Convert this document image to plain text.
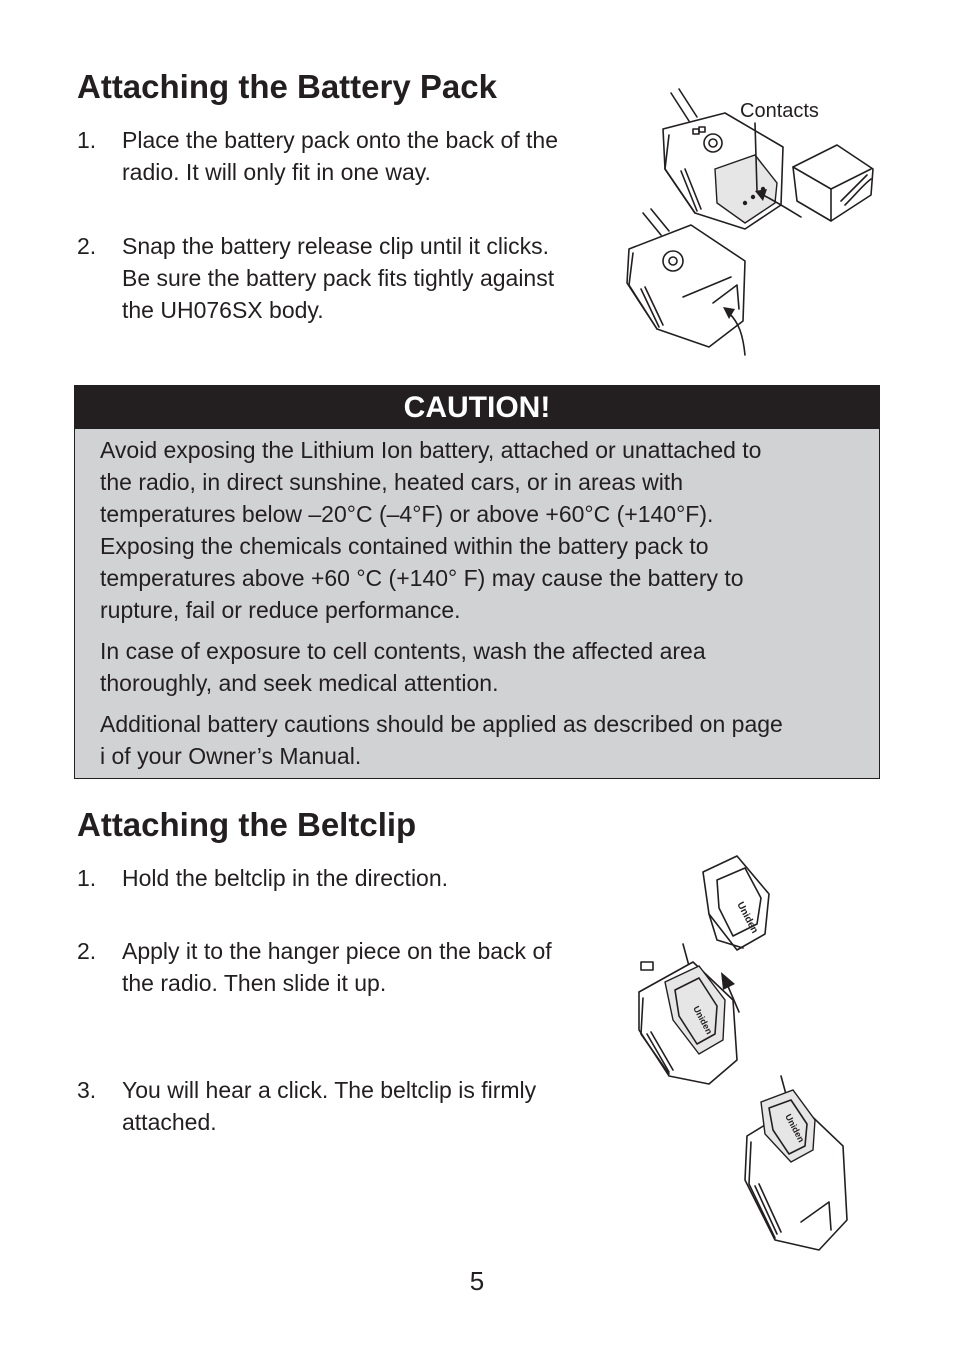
Attaching the Battery Pack
1.	Place the battery pack onto the back of the
radio. It will only fit in one way.
2.	Snap the battery release clip until it clicks.
Be sure the battery pack fits tightly against
the UH076SX body.
Contacts
CAUTION!
Avoid exposing the Lithium Ion battery, attached or unattached to
the radio, in direct sunshine, heated cars, or in areas with
temperatures below –20°C (–4°F) or above +60°C (+140°F).
Exposing the chemicals contained within the battery pack to
temperatures above +60 °C (+140° F) may cause the battery to
rupture, fail or reduce performance.
In case of exposure to cell contents, wash the affected area
thoroughly, and seek medical attention.
Additional battery cautions should be applied as described on page
i of your Owner’s Manual.
Attaching the Beltclip
1.	Hold the beltclip in the direction.
2.	Apply it to the hanger piece on the back of
the radio. Then slide it up.
3.	You will hear a click. The beltclip is firmly
attached.
Uniden
Uniden
Uniden
5
